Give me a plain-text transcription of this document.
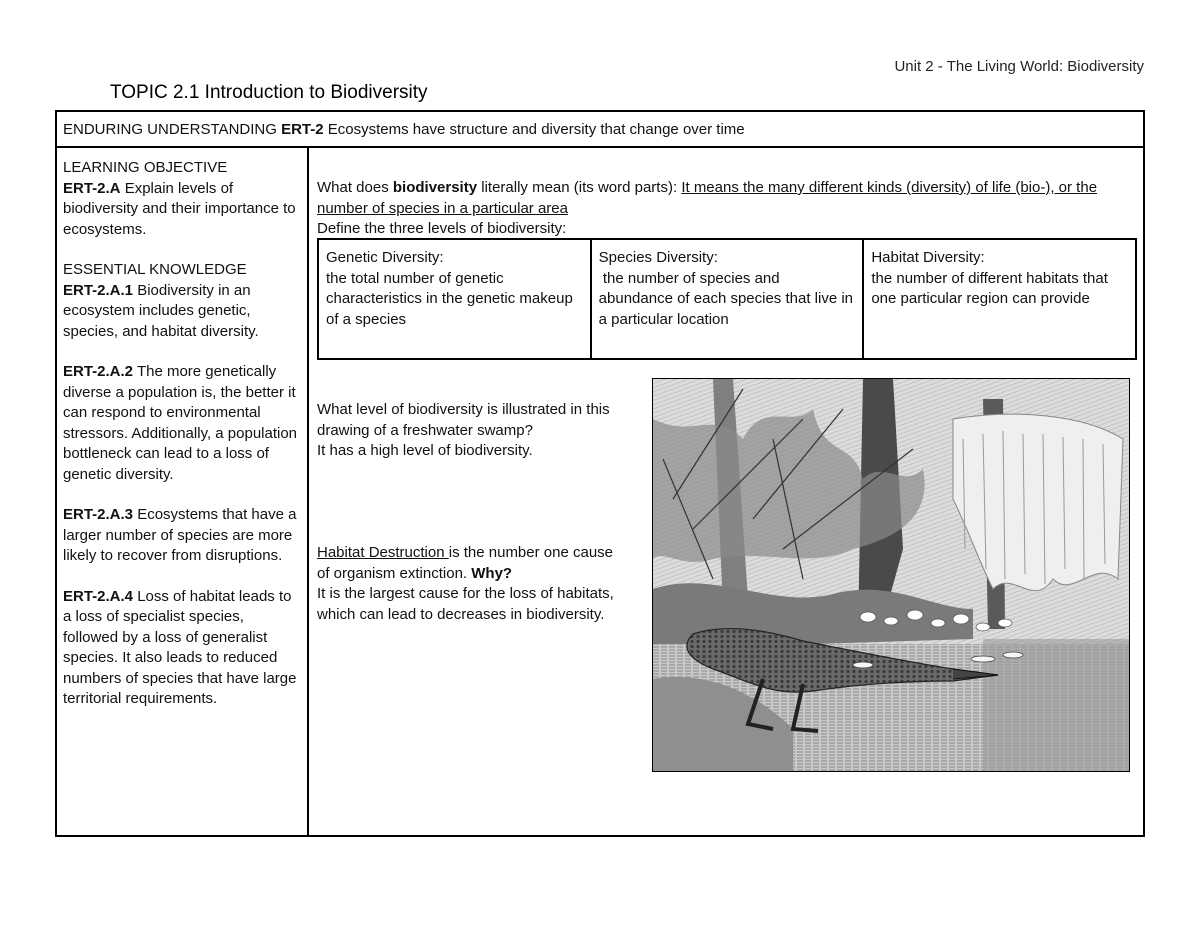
Unit 2 - The Living World: Biodiversity
TOPIC 2.1 Introduction to Biodiversity
ENDURING UNDERSTANDING ERT-2 Ecosystems have structure and diversity that change over time

LEARNING OBJECTIVE
ERT-2.A Explain levels of biodiversity and their importance to ecosystems.

ESSENTIAL KNOWLEDGE
ERT-2.A.1 Biodiversity in an ecosystem includes genetic, species, and habitat diversity.

ERT-2.A.2 The more genetically diverse a population is, the better it can respond to environmental stressors. Additionally, a population bottleneck can lead to a loss of genetic diversity.

ERT-2.A.3 Ecosystems that have a larger number of species are more likely to recover from disruptions.

ERT-2.A.4 Loss of habitat leads to a loss of specialist species, followed by a loss of generalist species. It also leads to reduced numbers of species that have large territorial requirements.

What does biodiversity literally mean (its word parts): It means the many different kinds (diversity) of life (bio-), or the number of species in a particular area
Define the three levels of biodiversity:
Genetic Diversity:
the total number of genetic characteristics in the genetic makeup of a species
Species Diversity:
the number of species and abundance of each species that live in a particular location
Habitat Diversity:
the number of different habitats that one particular region can provide
What level of biodiversity is illustrated in this drawing of a freshwater swamp?
It has a high level of biodiversity.
Habitat Destruction is the number one cause of organism extinction. Why?
It is the largest cause for the loss of habitats, which can lead to decreases in biodiversity.
